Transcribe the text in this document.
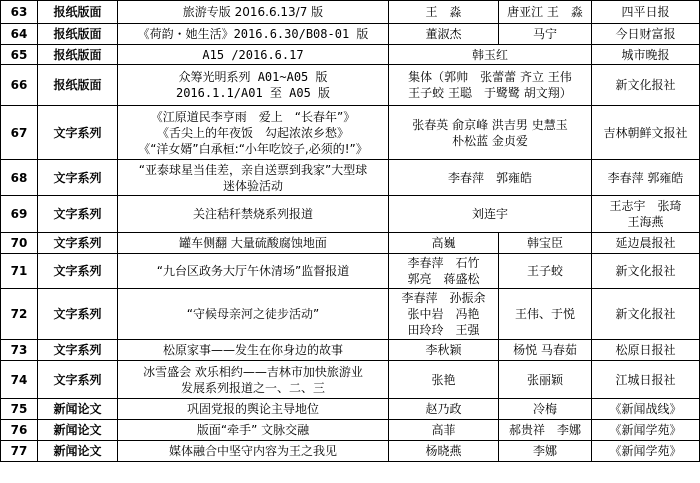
63	报纸版面	旅游专版 2016.6.13/7 版	王　淼	唐亚江 王　淼	四平日报

64	报纸版面	《荷韵・她生活》2016.6.30/B08-01 版	董淑杰	马宁	今日财富报

65	报纸版面	A15 /2016.6.17	韩玉红		城市晚报

66	报纸版面	众筹光明系列 A01~A05 版
2016.1.1/A01 至 A05 版	集体（郭帅　张蕾蕾 齐立 王伟
王子蛟 王聪　于鹭鹭 胡文翔）		新文化报社

67	文字系列	《江原道民李亨雨　爱上　“长春年”》
《舌尖上的年夜饭　勾起浓浓乡愁》
《“洋女婿”白承桓:“小年吃饺子,必须的!”》	张春英 俞京峰 洪吉男 史慧玉
朴松蓝 金贞爱		吉林朝鲜文报社

68	文字系列	“亚泰球星当佳差，亲自送票到我家”大型球
迷体验活动	李春萍　郭雍皓		李春萍 郭雍皓

69	文字系列	关注秸秆禁烧系列报道	刘连宇		王志宇　张琦
王海燕

70	文字系列	罐车侧翻 大量硫酸腐蚀地面	高巍	韩宝臣	延边晨报社

71	文字系列	“九台区政务大厅午休清场”监督报道	李春萍　石竹
郭亮　蒋盛松	王子蛟	新文化报社

72	文字系列	“守候母亲河之徒步活动”	李春萍　孙振余
张中岩　冯艳
田玲玲　王强	王伟、于悦	新文化报社

73	文字系列	松原家事——发生在你身边的故事	李秋颖	杨悦 马春茹	松原日报社

74	文字系列	冰雪盛会 欢乐相约——吉林市加快旅游业
发展系列报道之一、二、三	张艳	张丽颖	江城日报社

75	新闻论文	巩固党报的舆论主导地位	赵乃政	冷梅	《新闻战线》

76	新闻论文	版面“牵手” 文脉交融	高菲	郝贵祥　李娜	《新闻学苑》

77	新闻论文	媒体融合中坚守内容为王之我见	杨晓燕	李娜	《新闻学苑》
